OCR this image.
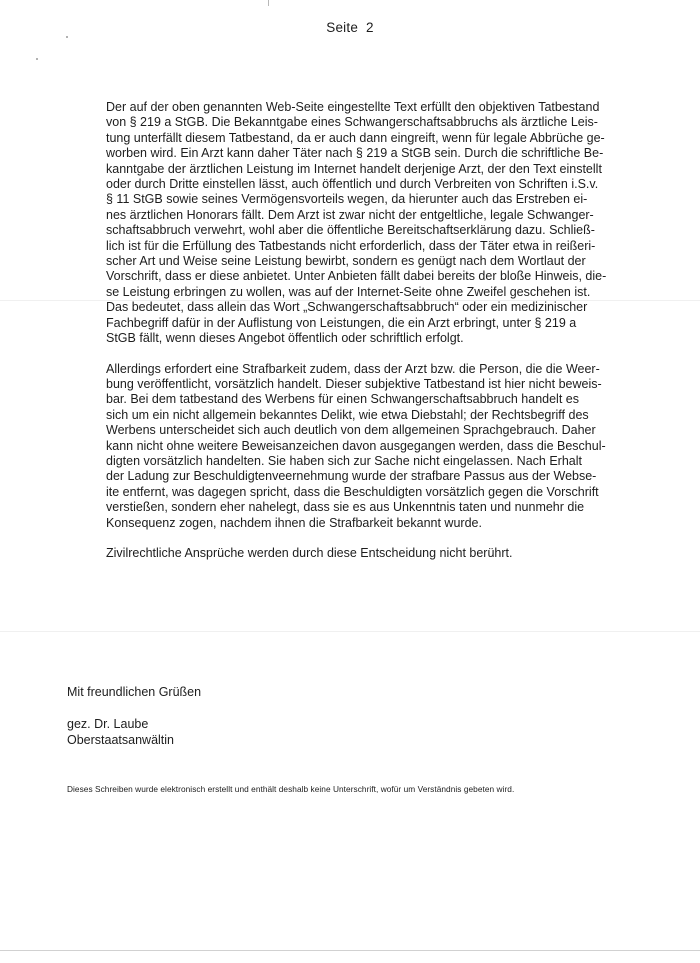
Seite 2
Der auf der oben genannten Web-Seite eingestellte Text erfüllt den objektiven Tatbestand
von § 219 a StGB. Die Bekanntgabe eines Schwangerschaftsabbruchs als ärztliche Leis-
tung unterfällt diesem Tatbestand, da er auch dann eingreift, wenn für legale Abbrüche ge-
worben wird. Ein Arzt kann daher Täter nach § 219 a StGB sein. Durch die schriftliche Be-
kanntgabe der ärztlichen Leistung im Internet handelt derjenige Arzt, der den Text einstellt
oder durch Dritte einstellen lässt, auch öffentlich und durch Verbreiten von Schriften i.S.v.
§ 11 StGB sowie seines Vermögensvorteils wegen, da hierunter auch das Erstreben ei-
nes ärztlichen Honorars fällt. Dem Arzt ist zwar nicht der entgeltliche, legale Schwanger-
schaftsabbruch verwehrt, wohl aber die öffentliche Bereitschaftserklärung dazu. Schließ-
lich ist für die Erfüllung des Tatbestands nicht erforderlich, dass der Täter etwa in reißeri-
scher Art und Weise seine Leistung bewirbt, sondern es genügt nach dem Wortlaut der
Vorschrift, dass er diese anbietet. Unter Anbieten fällt dabei bereits der bloße Hinweis, die-
se Leistung erbringen zu wollen, was auf der Internet-Seite ohne Zweifel geschehen ist.
Das bedeutet, dass allein das Wort „Schwangerschaftsabbruch“ oder ein medizinischer
Fachbegriff dafür in der Auflistung von Leistungen, die ein Arzt erbringt, unter § 219 a
StGB fällt, wenn dieses Angebot öffentlich oder schriftlich erfolgt.
Allerdings erfordert eine Strafbarkeit zudem, dass der Arzt bzw. die Person, die die Weer-
bung veröffentlicht, vorsätzlich handelt. Dieser subjektive Tatbestand ist hier nicht beweis-
bar. Bei dem tatbestand des Werbens für einen Schwangerschaftsabbruch handelt es
sich um ein nicht allgemein bekanntes Delikt, wie etwa Diebstahl; der Rechtsbegriff des
Werbens unterscheidet sich auch deutlich von dem allgemeinen Sprachgebrauch. Daher
kann nicht ohne weitere Beweisanzeichen davon ausgegangen werden, dass die Beschul-
digten vorsätzlich handelten. Sie haben sich zur Sache nicht eingelassen. Nach Erhalt
der Ladung zur Beschuldigtenveernehmung wurde der strafbare Passus aus der Webse-
ite entfernt, was dagegen spricht, dass die Beschuldigten vorsätzlich gegen die Vorschrift
verstießen, sondern eher nahelegt, dass sie es aus Unkenntnis taten und nunmehr die
Konsequenz zogen, nachdem ihnen die Strafbarkeit bekannt wurde.
Zivilrechtliche Ansprüche werden durch diese Entscheidung nicht berührt.
Mit freundlichen Grüßen
gez. Dr. Laube
Oberstaatsanwältin
Dieses Schreiben wurde elektronisch erstellt und enthält deshalb keine Unterschrift, wofür um Verständnis gebeten wird.
